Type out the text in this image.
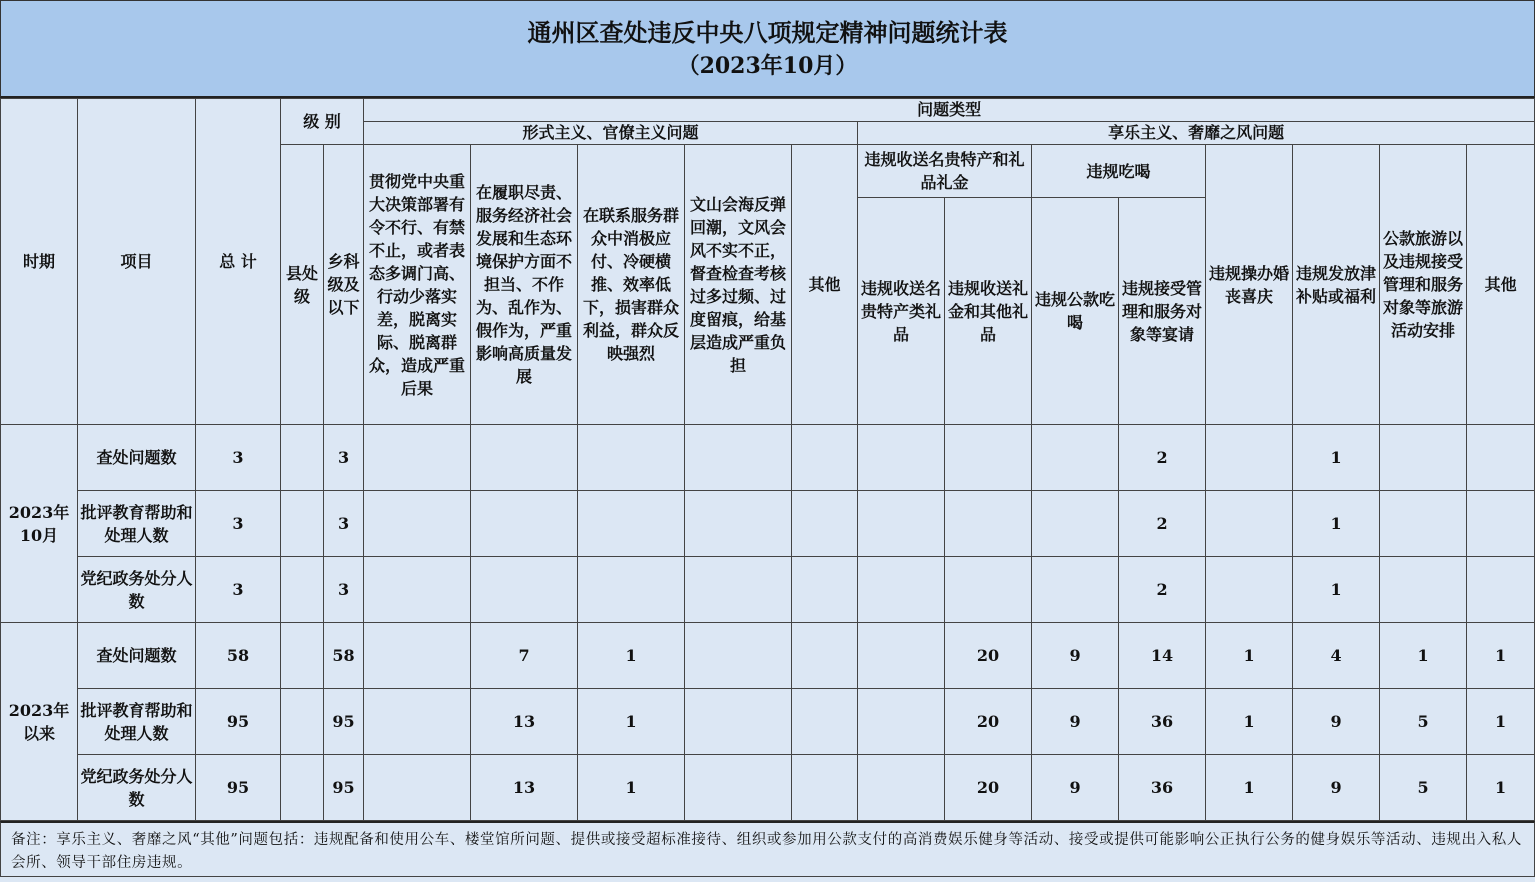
通州区查处违反中央八项规定精神问题统计表
（2023年10月）
时期	项目	总 计	级 别		问题类型												
					形式主义、官僚主义问题					享乐主义、奢靡之风问题							
			县处级	乡科级及以下	贯彻党中央重大决策部署有令不行、有禁不止，或者表态多调门高、行动少落实差，脱离实际、脱离群众，造成严重后果	在履职尽责、服务经济社会发展和生态环境保护方面不担当、不作为、乱作为、假作为，严重影响高质量发展	在联系服务群众中消极应付、冷硬横推、效率低下，损害群众利益，群众反映强烈	文山会海反弹回潮，文风会风不实不正，督查检查考核过多过频、过度留痕，给基层造成严重负担	其他	违规收送名贵特产和礼品礼金		违规吃喝		违规操办婚丧喜庆	违规发放津补贴或福利	公款旅游以及违规接受管理和服务对象等旅游活动安排	其他
										违规收送名贵特产类礼品	违规收送礼金和其他礼品	违规公款吃喝	违规接受管理和服务对象等宴请				
2023年10月	查处问题数	3		3									2		1		
	批评教育帮助和处理人数	3		3									2		1		
	党纪政务处分人数	3		3									2		1		
2023年以来	查处问题数	58		58		7	1				20	9	14	1	4	1	1
	批评教育帮助和处理人数	95		95		13	1				20	9	36	1	9	5	1
	党纪政务处分人数	95		95		13	1				20	9	36	1	9	5	1
备注：享乐主义、奢靡之风“其他”问题包括：违规配备和使用公车、楼堂馆所问题、提供或接受超标准接待、组织或参加用公款支付的高消费娱乐健身等活动、接受或提供可能影响公正执行公务的健身娱乐等活动、违规出入私人会所、领导干部住房违规。
